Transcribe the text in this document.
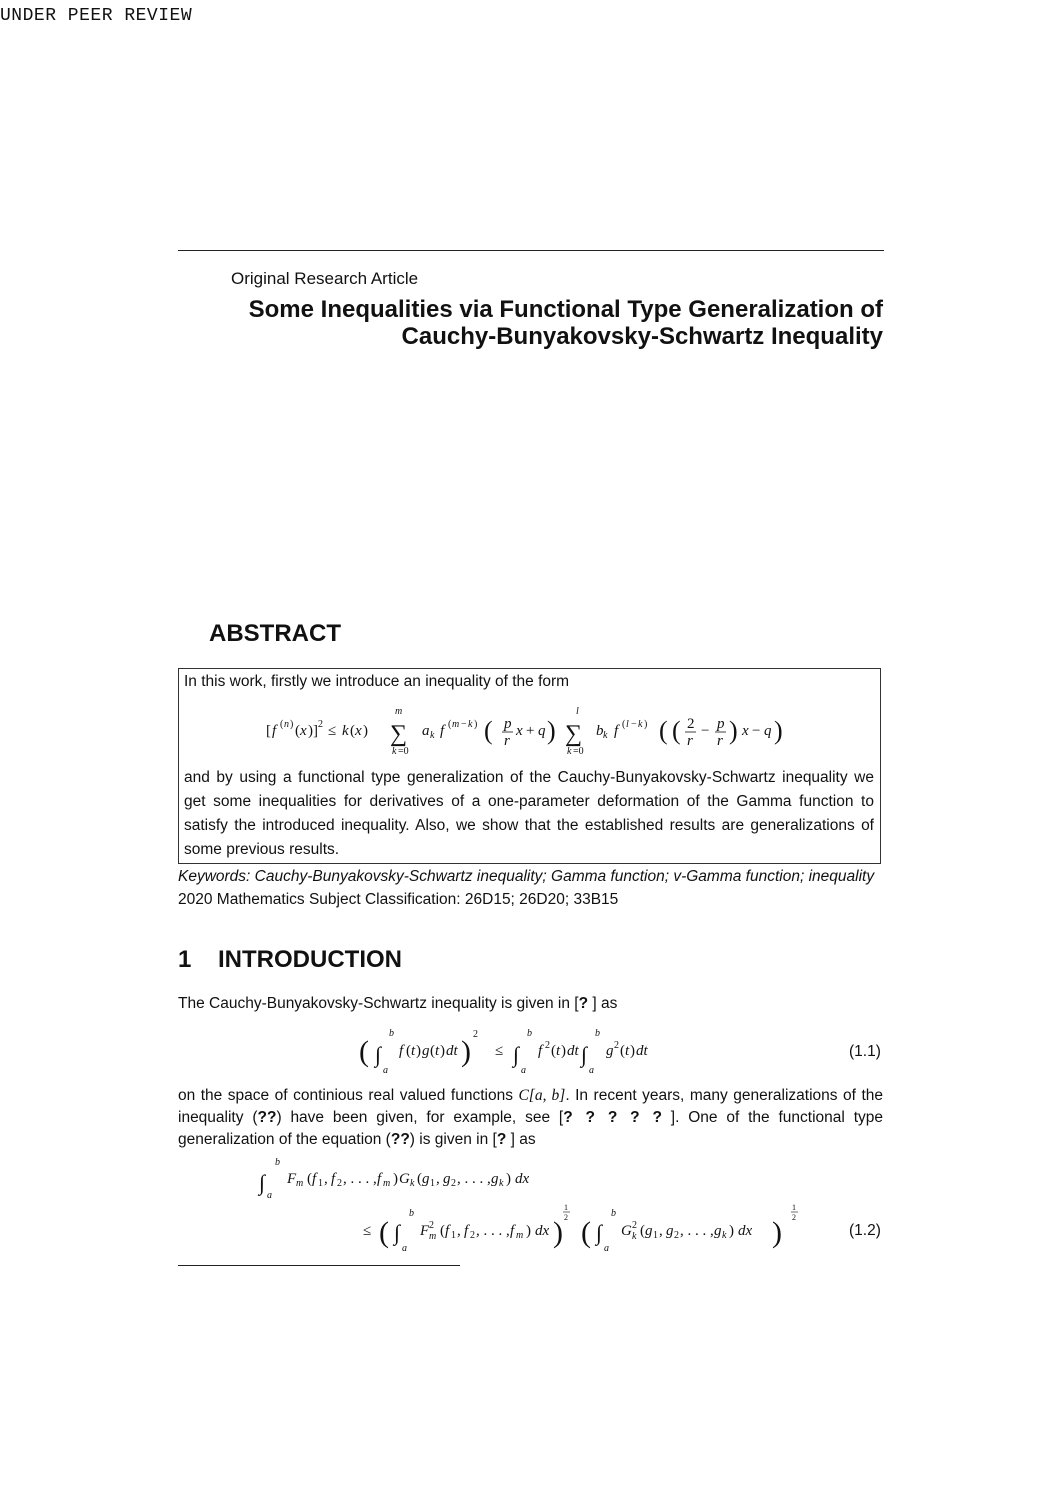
UNDER PEER REVIEW
Original Research Article
Some Inequalities via Functional Type Generalization of
Cauchy-Bunyakovsky-Schwartz Inequality
ABSTRACT
In this work, firstly we introduce an inequality of the form
[ f ( n ) ( x )] 2 ≤ k ( x )
m
∑
k =0
a k f ( m − k ) ( p
r
x + q )
l
∑
k =0
b k f ( l − k ) ( ( 2
r
− p
r ) x − q )
and by using a functional type generalization of the Cauchy-Bunyakovsky-Schwartz inequality we get some inequalities for derivatives of a one-parameter deformation of the Gamma function to satisfy the introduced inequality. Also, we show that the established results are generalizations of some previous results.
Keywords: Cauchy-Bunyakovsky-Schwartz inequality; Gamma function; v-Gamma function; inequality
2020 Mathematics Subject Classification: 26D15; 26D20; 33B15
1 INTRODUCTION
The Cauchy-Bunyakovsky-Schwartz inequality is given in [? ] as
( ∫
b
a
f ( t ) g ( t ) dt )
2
≤ ∫
b
a
f 2 ( t ) dt ∫
b
a
g 2 ( t ) dt	(1.1)
on the space of continious real valued functions C[a, b]. In recent years, many generalizations of the inequality (??) have been given, for example, see [? ? ? ? ? ]. One of the functional type generalization of the equation (??) is given in [? ] as
∫
b
a
F m ( f 1 , f 2 , . . . , f m ) G k ( g 1 , g 2 , . . . , g k ) dx
≤ ( ∫
b
a
F 2
m ( f 1 , f 2 , . . . , f m ) dx )
1
2 ( ∫
b
a
G 2
k ( g 1 , g 2 , . . . , g k ) dx )
1
2
(1.2)
